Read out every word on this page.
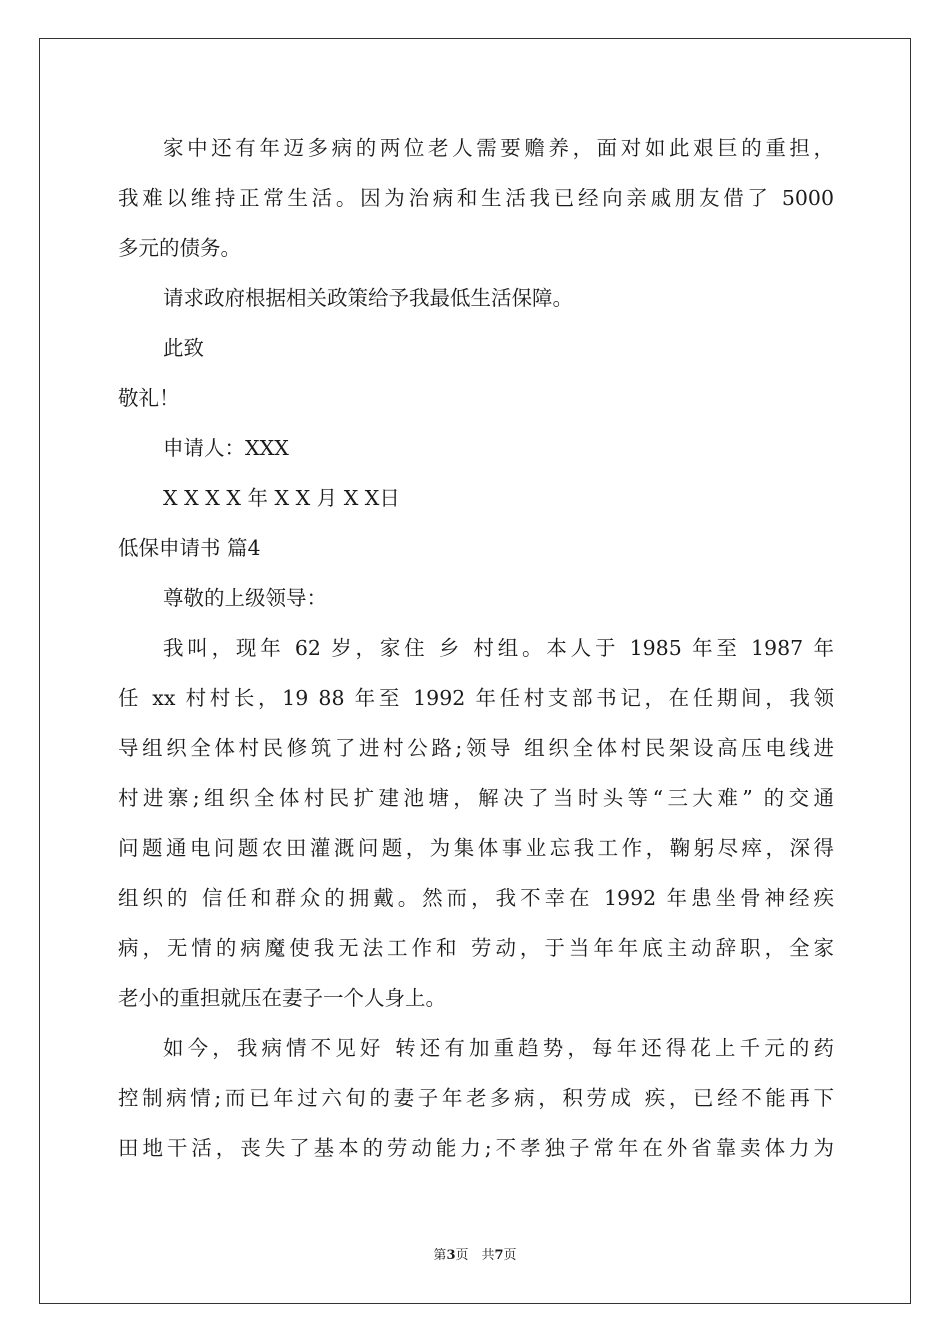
家中还有年迈多病的两位老人需要赡养，面对如此艰巨的重担，
我难以维持正常生活。因为治病和生活我已经向亲戚朋友借了 5000
多元的债务。
请求政府根据相关政策给予我最低生活保障。
此致
敬礼！
申请人：XXX
X X X X 年 X X 月 X X日
低保申请书 篇4
尊敬的上级领导：
我叫，现年 62 岁，家住 乡 村组。本人于 1985 年至 1987 年
任 xx 村村长，19 88 年至 1992 年任村支部书记，在任期间，我领
导组织全体村民修筑了进村公路;领导 组织全体村民架设高压电线进
村进寨;组织全体村民扩建池塘，解决了当时头等“三大难” 的交通
问题通电问题农田灌溉问题，为集体事业忘我工作，鞠躬尽瘁，深得
组织的 信任和群众的拥戴。然而，我不幸在 1992 年患坐骨神经疾
病，无情的病魔使我无法工作和 劳动，于当年年底主动辞职，全家
老小的重担就压在妻子一个人身上。
如今，我病情不见好 转还有加重趋势，每年还得花上千元的药
控制病情;而已年过六旬的妻子年老多病，积劳成 疾，已经不能再下
田地干活，丧失了基本的劳动能力;不孝独子常年在外省靠卖体力为
第3页　共7页
